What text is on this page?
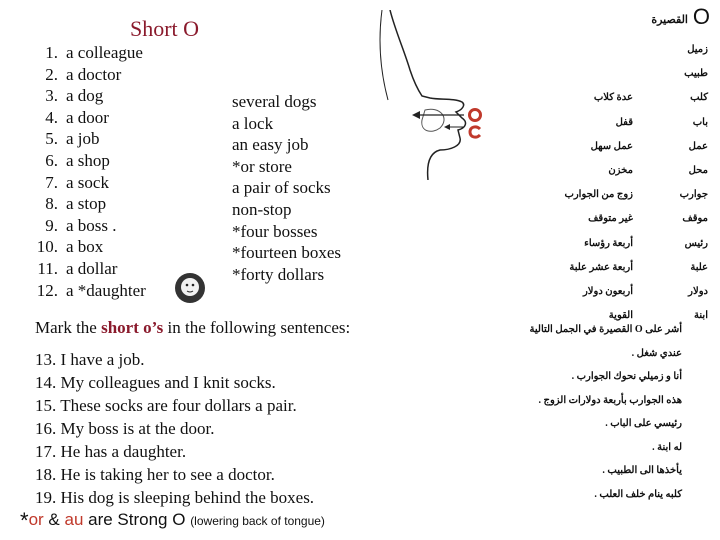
Short O
1. a colleague
2. a doctor
3. a dog
4. a door
5. a job
6. a shop
7. a sock
8. a stop
9. a boss .
10. a box
11. a dollar
12. a *daughter
several dogs
a lock
an easy job
*or store
a pair of socks
non-stop
*four bosses
*fourteen boxes
*forty dollars
O
القصيرة
زميل
طبيب
كلبعدة كلاب
بابقفل
عملعمل سهل
محلمخزن
جواربزوج من الجوارب
موقفغير متوقف
رئيسأربعة رؤساء
علبةأربعة عشر علبة
دولارأربعون دولار
ابنةالقوية
Mark the short o’s in the following sentences:
13. I have a job.
14. My colleagues and I knit socks.
15. These socks are four dollars a pair.
16. My boss is at the door.
17. He has a daughter.
18. He is taking her to see a doctor.
19. His dog is sleeping behind the boxes.
أشر على O القصيرة في الجمل التالية
عندي شغل .
أنا و زميلي نحوك الجوارب .
هذه الجوارب بأربعة دولارات الزوج .
رئيسي على الباب .
له ابنة .
يأخذها الى الطبيب .
كلبه ينام خلف العلب .
*or & au are Strong O (lowering back of tongue)
